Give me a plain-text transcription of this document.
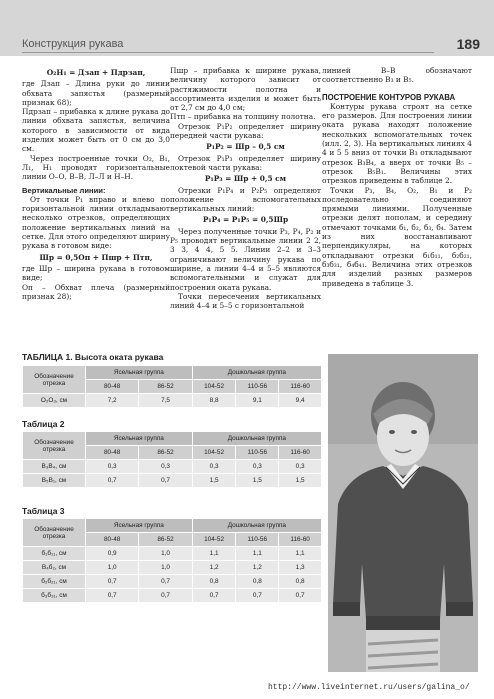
Конструкция рукава	189

О₂Н₁ = Дзап + Пдрзап,

где Дзап – Длина руки до линии обхвата запястья (размерный признак 68);

Пдрзап – прибавка к длине рукава до линии обхвата запястья, величина которого в зависимости от вида изделия может быть от 0 см до 3,0 см.

Через построенные точки О₂, В₁, Л₁, Н₁ проводят горизонтальные линии О–О, В–В, Л–Л и Н–Н.

Вертикальные линии:

От точки Р₁ вправо и влево по горизонтальной линии откладывают несколько отрезков, определяющих положение вертикальных линий на сетке. Для этого определяют ширину рукава в готовом виде:

Шр = 0,5Оп + Пшр + Птп,

где Шр – ширина рукава в готовом виде;

Оп – Обхват плеча (размерный признак 28);

Пшр – прибавка к ширине рукава, величину которого зависит от растяжимости полотна и ассортимента изделия и может быть от 2,7 см до 4,0 см;

Птп – прибавка на толщину полотна.

Отрезок Р₁Р₂ определяет ширину передней части рукава:

Р₁Р₂ = Шр – 0,5 см

Отрезок Р₁Р₃ определяет ширину локтевой части рукава:

Р₁Р₃ = Шр + 0,5 см

Отрезки Р₁Р₄ и Р₂Р₅ определяют положение вспомогательных вертикальных линий:

Р₁Р₄ = Р₁Р₅ = 0,5Шр

Через полученные точки Р₃, Р₄, Р₂ и Р₅ проводят вертикальные линии 2 2, 3 3, 4 4, 5 5. Линии 2–2 и 3–3 ограничивают величину рукава по ширине, а линии 4–4 и 5–5 являются вспомогательными и служат для построения оката рукава.

Точки пересечения вертикальных линий 4–4 и 5–5 с горизонтальной

линией В–В обозначают соответственно В₃ и В₅.

ПОСТРОЕНИЕ КОНТУРОВ РУКАВА

Контуры рукава строят на сетке его размеров. Для построения линии оката рукава находят положение нескольких вспомогательных точек (илл. 2, 3). На вертикальных линиях 4 4 и 5 5 вниз от точки В₃ откладывают отрезок В₃В₄, а вверх от точки В₅ – отрезок В₅В₁. Величины этих отрезков приведены в таблице 2.

Точки Р₃, В₄, О₂, В₁ и Р₂ последовательно соединяют прямыми линиями. Полученные отрезки делят пополам, и середину отмечают точками б₁, б₂, б₃, б₄. Затем из них восстанавливают перпендикуляры, на которых откладывают отрезки б₁б₁₁, б₂б₂₁, б₃б₃₁, б₄б₄₁. Величина этих отрезков для изделий разных размеров приведена в таблице 3.

ТАБЛИЦА 1. Высота оката рукава
Обозначение отрезка	Ясельная группа		Дошкольная группа		
	80-48	86-52	104-52	110-56	116-60
О₂О₃, см	7,2	7,5	8,8	9,1	9,4
Таблица 2
Обозначение отрезка	Ясельная группа		Дошкольная группа		
	80-48	86-52	104-52	110-56	116-60
В₃В₄, см	0,3	0,3	0,3	0,3	0,3
В₅В₁, см	0,7	0,7	1,5	1,5	1,5
Таблица 3
Обозначение отрезка	Ясельная группа		Дошкольная группа		
	80-48	86-52	104-52	110-56	116-60
б₁б₁₁, см	0,9	1,0	1,1	1,1	1,1
В₄б₂, см	1,0	1,0	1,2	1,2	1,3
б₂б₂₁, см	0,7	0,7	0,8	0,8	0,8
б₃б₃₁, см	0,7	0,7	0,7	0,7	0,7
http://www.liveinternet.ru/users/galina_o/
